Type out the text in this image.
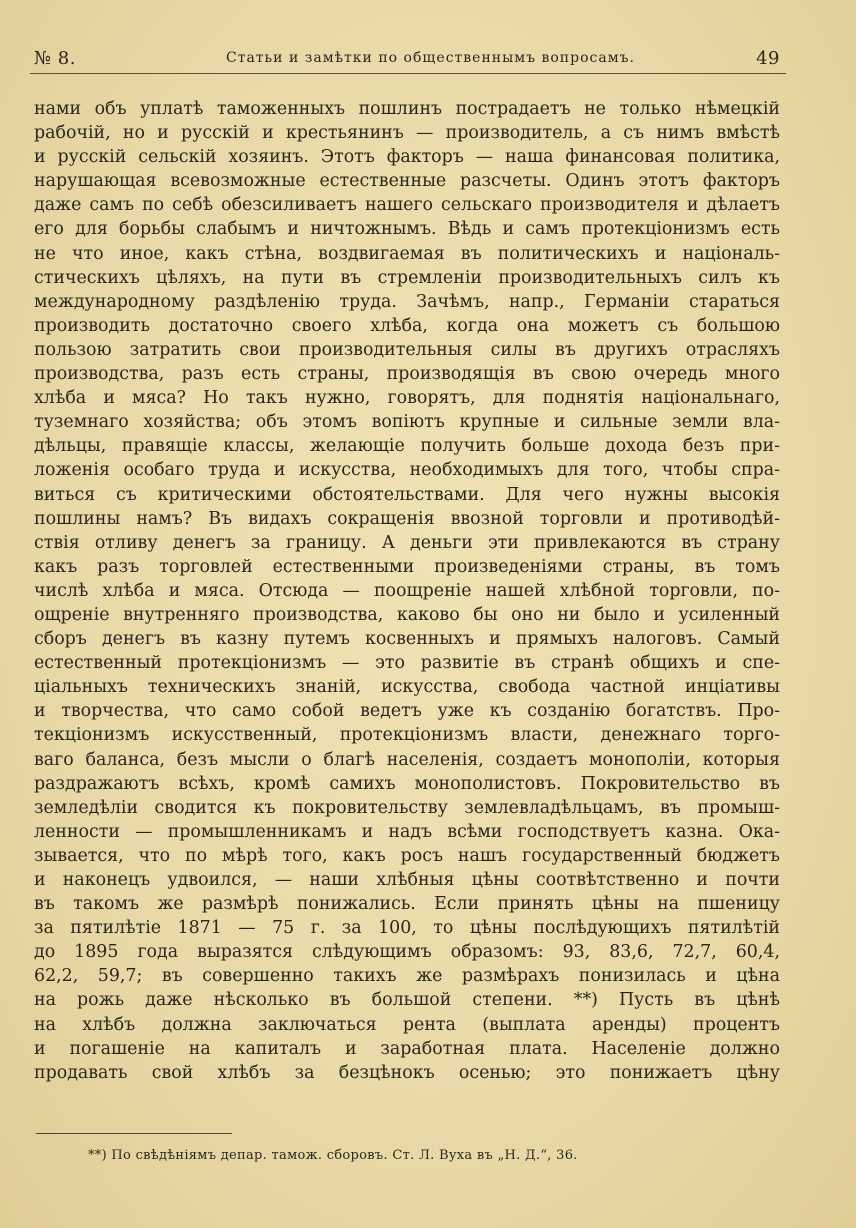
№ 8.	Статьи и замѣтки по общественнымъ вопросамъ.	49
нами объ уплатѣ таможенныхъ пошлинъ пострадаетъ не только нѣмецкій
рабочій, но и русскій и крестьянинъ — производитель, а съ нимъ вмѣстѣ
и русскій сельскій хозяинъ. Этотъ факторъ — наша финансовая политика,
нарушающая всевозможные естественные разсчеты. Одинъ этотъ факторъ
даже самъ по себѣ обезсиливаетъ нашего сельскаго производителя и дѣлаетъ
его для борьбы слабымъ и ничтожнымъ. Вѣдь и самъ протекціонизмъ есть
не что иное, какъ стѣна, воздвигаемая въ политическихъ и національ-
стическихъ цѣляхъ, на пути въ стремленіи производительныхъ силъ къ
международному раздѣленію труда. Зачѣмъ, напр., Германіи стараться
производить достаточно своего хлѣба, когда она можетъ съ большою
пользою затратить свои производительныя силы въ другихъ отрасляхъ
производства, разъ есть страны, производящія въ свою очередь много
хлѣба и мяса? Но такъ нужно, говорятъ, для поднятія національнаго,
туземнаго хозяйства; объ этомъ вопіютъ крупные и сильные земли вла-
дѣльцы, правящіе классы, желающіе получить больше дохода безъ при-
ложенія особаго труда и искусства, необходимыхъ для того, чтобы спра-
виться съ критическими обстоятельствами. Для чего нужны высокія
пошлины намъ? Въ видахъ сокращенія ввозной торговли и противодѣй-
ствія отливу денегъ за границу. А деньги эти привлекаются въ страну
какъ разъ торговлей естественными произведеніями страны, въ томъ
числѣ хлѣба и мяса. Отсюда — поощреніе нашей хлѣбной торговли, по-
ощреніе внутренняго производства, каково бы оно ни было и усиленный
сборъ денегъ въ казну путемъ косвенныхъ и прямыхъ налоговъ. Самый
естественный протекціонизмъ — это развитіе въ странѣ общихъ и спе-
ціальныхъ техническихъ знаній, искусства, свобода частной инціативы
и творчества, что само собой ведетъ уже къ созданію богатствъ. Про-
текціонизмъ искусственный, протекціонизмъ власти, денежнаго торго-
ваго баланса, безъ мысли о благѣ населенія, создаетъ монополіи, которыя
раздражаютъ всѣхъ, кромѣ самихъ монополистовъ. Покровительство въ
земледѣліи сводится къ покровительству землевладѣльцамъ, въ промыш-
ленности — промышленникамъ и надъ всѣми господствуетъ казна. Ока-
зывается, что по мѣрѣ того, какъ росъ нашъ государственный бюджетъ
и наконецъ удвоился, — наши хлѣбныя цѣны соотвѣтственно и почти
въ такомъ же размѣрѣ понижались. Если принять цѣны на пшеницу
за пятилѣтіе 1871 — 75 г. за 100, то цѣны послѣдующихъ пятилѣтій
до 1895 года выразятся слѣдующимъ образомъ: 93, 83,6, 72,7, 60,4,
62,2, 59,7; въ совершенно такихъ же размѣрахъ понизилась и цѣна
на рожь даже нѣсколько въ большой степени. **) Пусть въ цѣнѣ
на хлѣбъ должна заключаться рента (выплата аренды) процентъ
и погашеніе на капиталъ и заработная плата. Населеніе должно
продавать свой хлѣбъ за безцѣнокъ осенью; это понижаетъ цѣну
**) По свѣдѣніямъ депар. тамож. сборовъ. Ст. Л. Вуха въ „Н. Д.“, 36.
